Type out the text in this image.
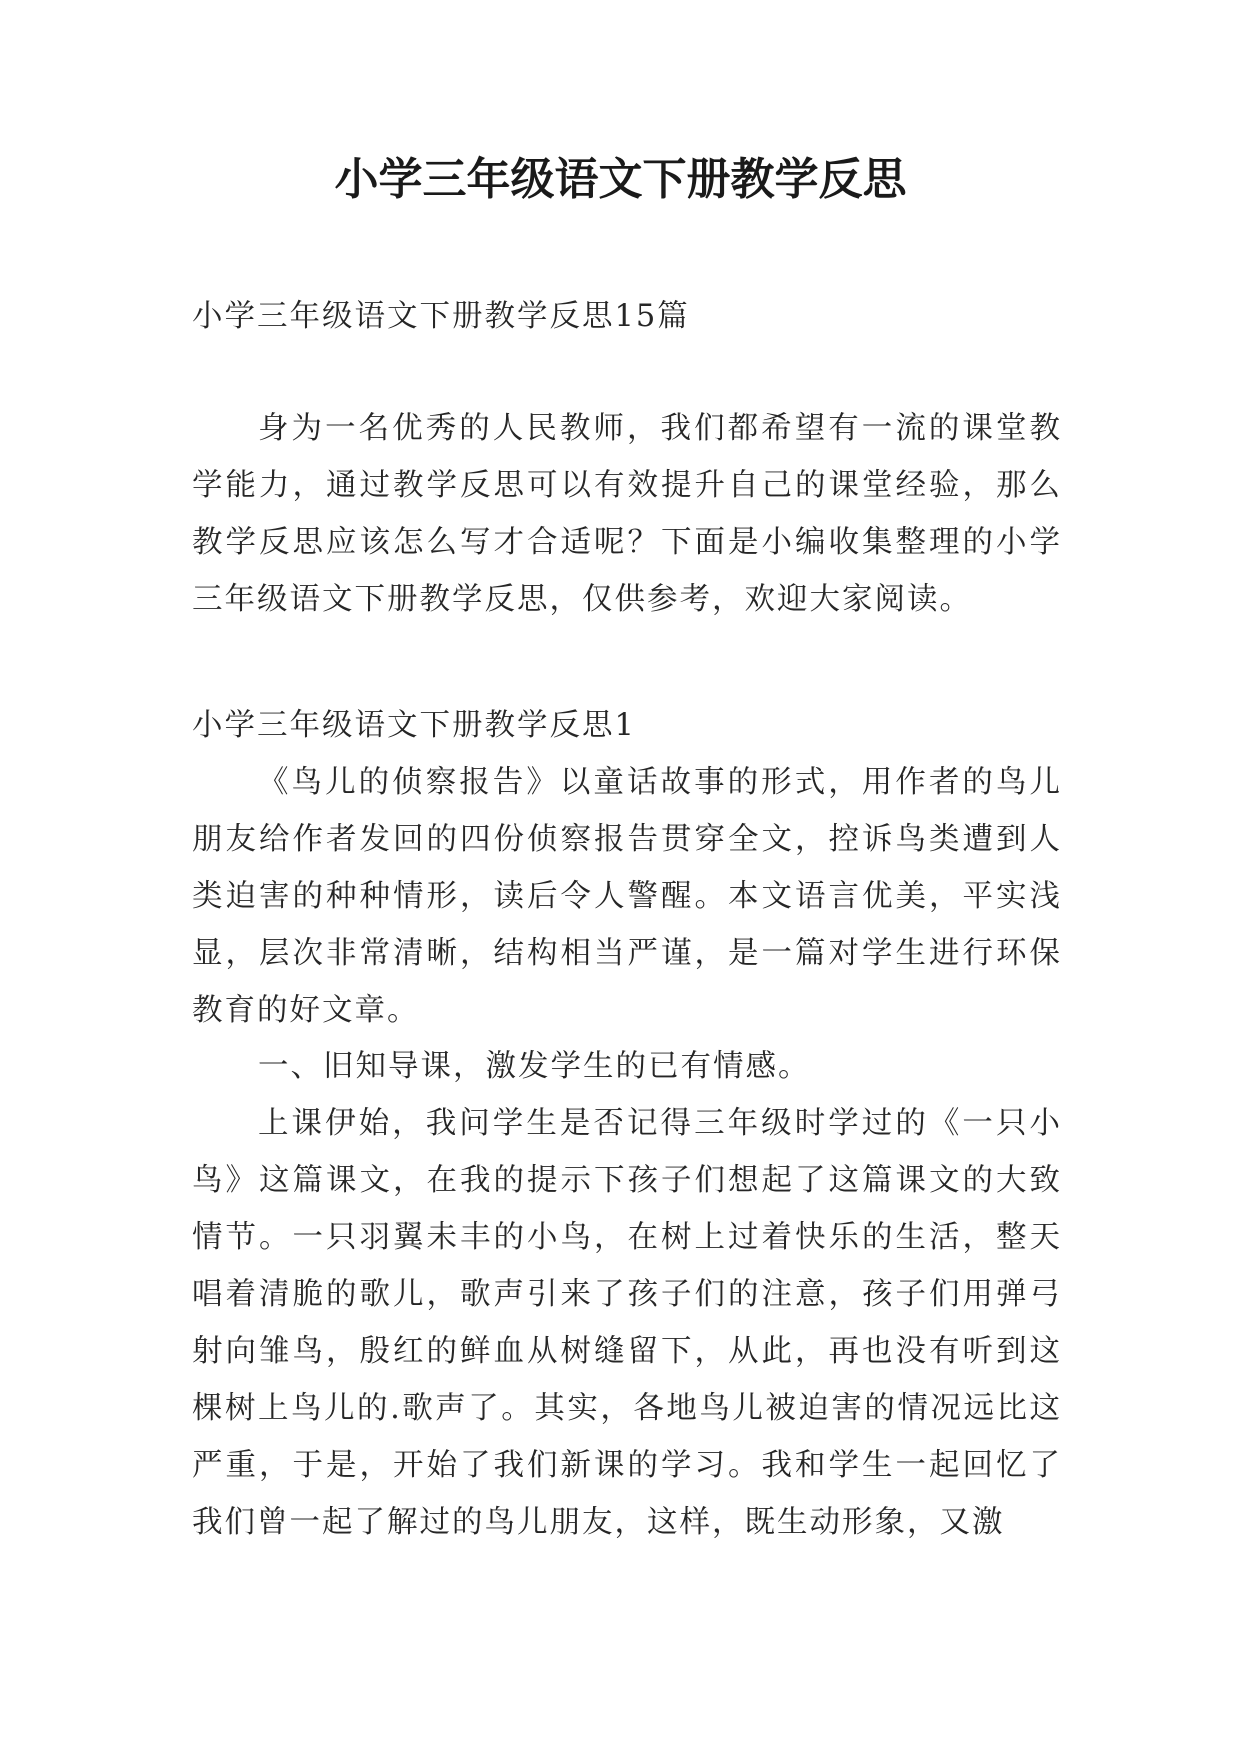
小学三年级语文下册教学反思

小学三年级语文下册教学反思15篇

身为一名优秀的人民教师，我们都希望有一流的课堂教学能力，通过教学反思可以有效提升自己的课堂经验，那么教学反思应该怎么写才合适呢？下面是小编收集整理的小学三年级语文下册教学反思，仅供参考，欢迎大家阅读。

小学三年级语文下册教学反思1

《鸟儿的侦察报告》以童话故事的形式，用作者的鸟儿朋友给作者发回的四份侦察报告贯穿全文，控诉鸟类遭到人类迫害的种种情形，读后令人警醒。本文语言优美，平实浅显，层次非常清晰，结构相当严谨，是一篇对学生进行环保教育的好文章。

一、旧知导课，激发学生的已有情感。

上课伊始，我问学生是否记得三年级时学过的《一只小鸟》这篇课文，在我的提示下孩子们想起了这篇课文的大致情节。一只羽翼未丰的小鸟，在树上过着快乐的生活，整天唱着清脆的歌儿，歌声引来了孩子们的注意，孩子们用弹弓射向雏鸟，殷红的鲜血从树缝留下，从此，再也没有听到这棵树上鸟儿的.歌声了。其实，各地鸟儿被迫害的情况远比这严重，于是，开始了我们新课的学习。我和学生一起回忆了我们曾一起了解过的鸟儿朋友，这样，既生动形象，又激
